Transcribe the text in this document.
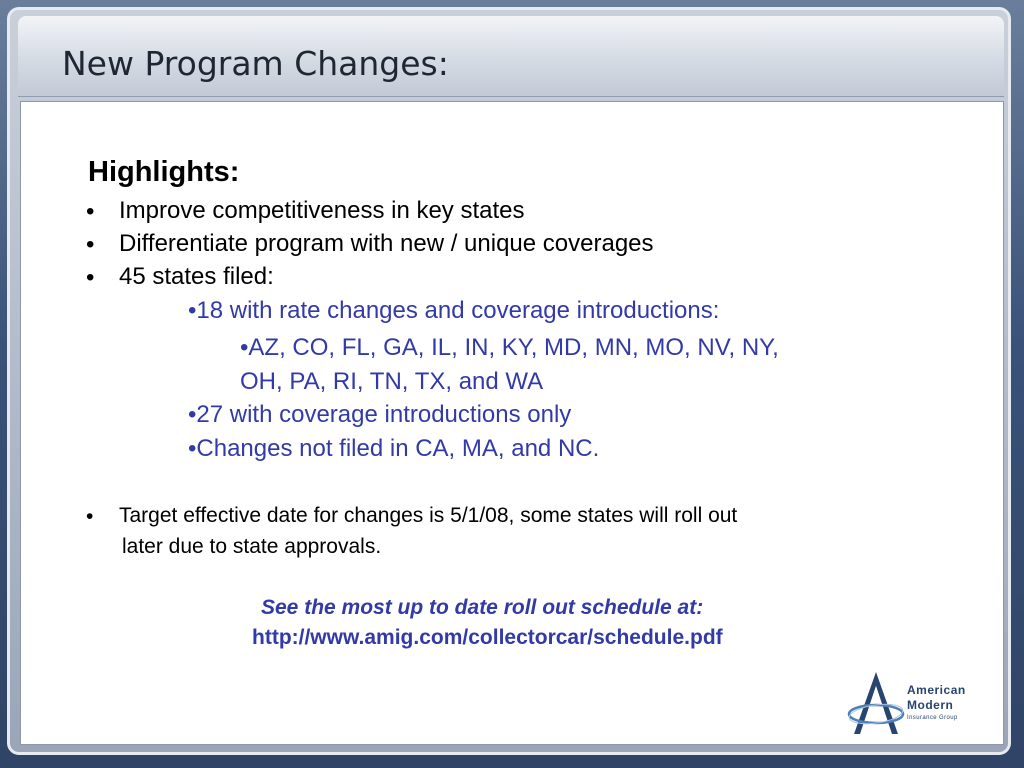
New Program Changes:
Highlights:
• Improve competitiveness in key states
• Differentiate program with new / unique coverages
• 45 states filed:
•18 with rate changes and coverage introductions:
•AZ, CO, FL, GA, IL, IN, KY, MD, MN, MO, NV, NY,
OH, PA, RI, TN, TX, and WA
•27 with coverage introductions only
•Changes not filed in CA, MA, and NC.
• Target effective date for changes is 5/1/08, some states will roll out
later due to state approvals.
See the most up to date roll out schedule at:
http://www.amig.com/collectorcar/schedule.pdf
American
Modern
Insurance Group
